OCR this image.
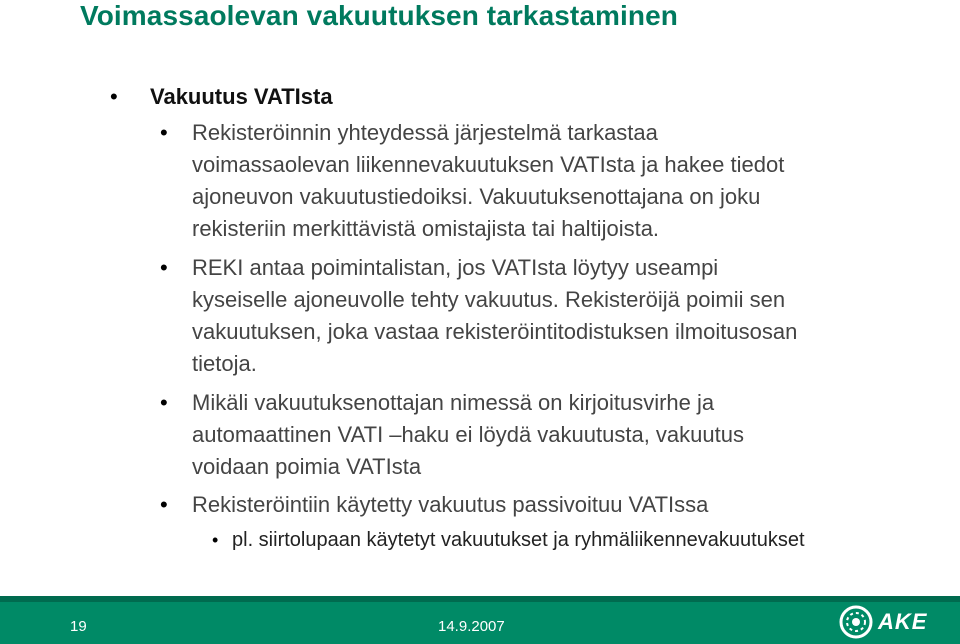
Voimassaolevan vakuutuksen tarkastaminen
• Vakuutus VATIsta
• Rekisteröinnin yhteydessä järjestelmä tarkastaa
voimassaolevan liikennevakuutuksen VATIsta ja hakee tiedot
ajoneuvon vakuutustiedoiksi. Vakuutuksenottajana on joku
rekisteriin merkittävistä omistajista tai haltijoista.
• REKI antaa poimintalistan, jos VATIsta löytyy useampi
kyseiselle ajoneuvolle tehty vakuutus. Rekisteröijä poimii sen
vakuutuksen, joka vastaa rekisteröintitodistuksen ilmoitusosan
tietoja.
• Mikäli vakuutuksenottajan nimessä on kirjoitusvirhe ja
automaattinen VATI –haku ei löydä vakuutusta, vakuutus
voidaan poimia VATIsta
• Rekisteröintiin käytetty vakuutus passivoituu VATIssa
• pl. siirtolupaan käytetyt vakuutukset ja ryhmäliikennevakuutukset
19	14.9.2007	AKE
